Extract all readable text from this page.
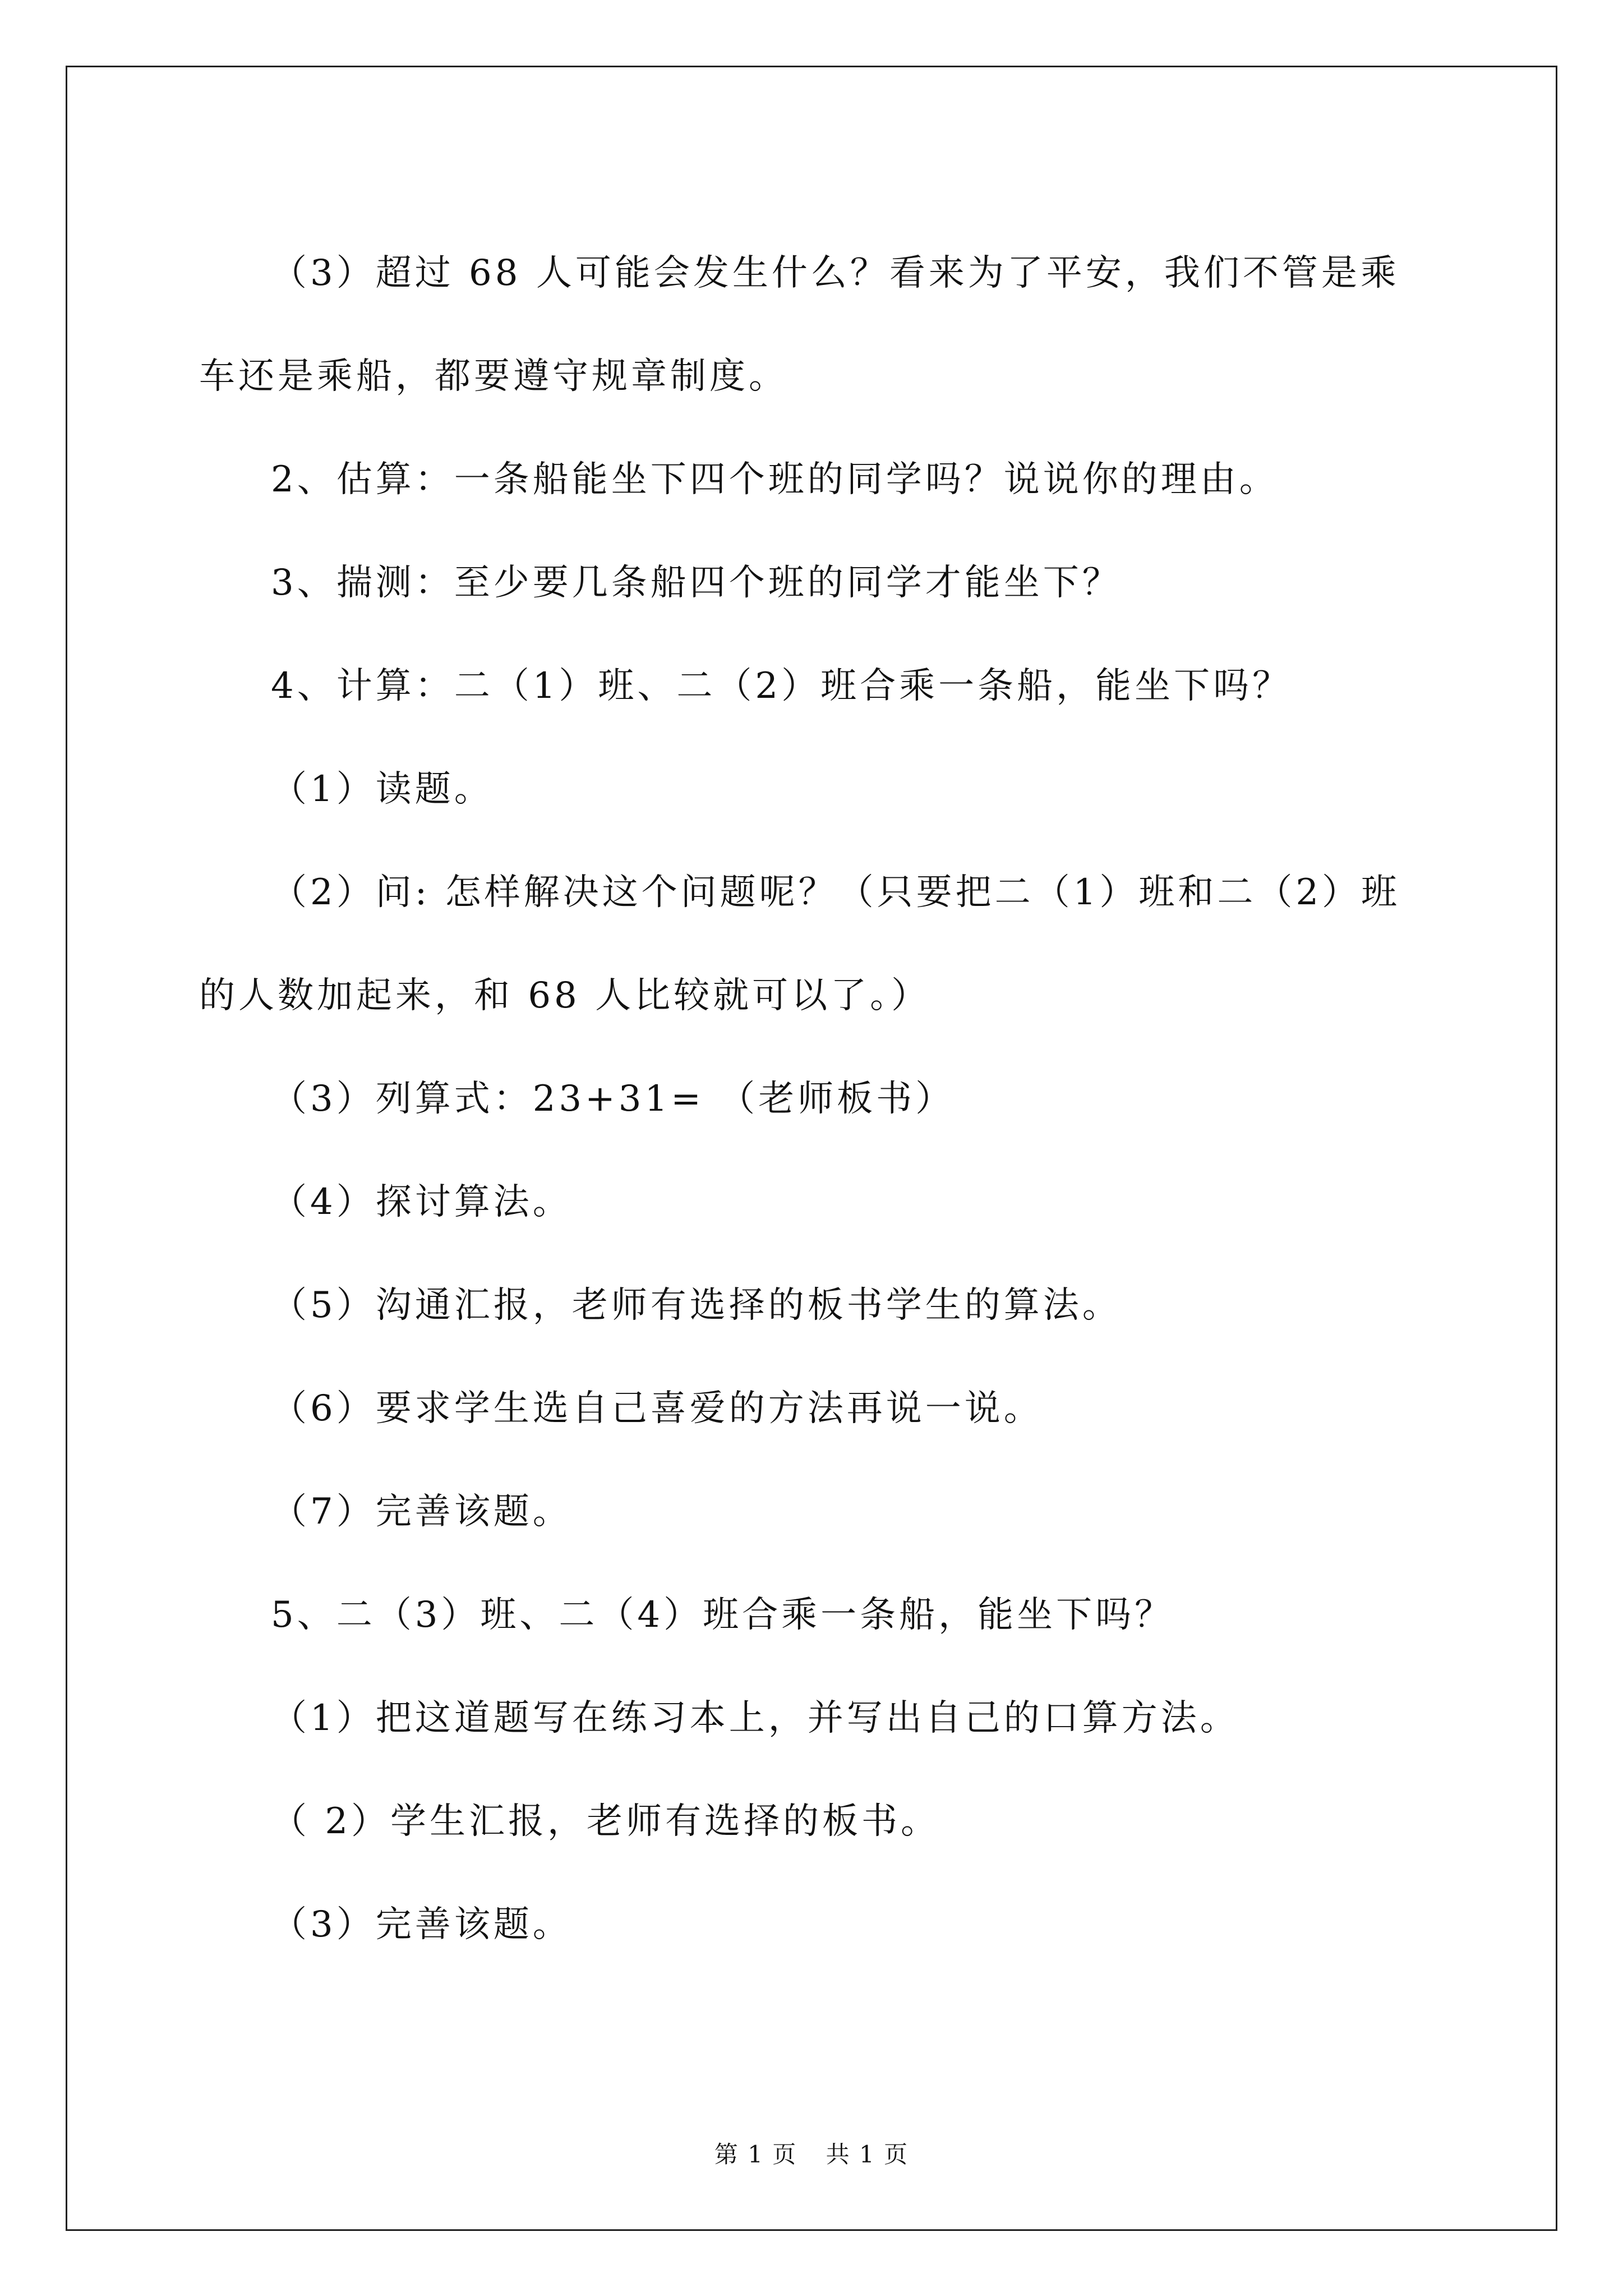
（3）超过 68 人可能会发生什么？看来为了平安，我们不管是乘

车还是乘船，都要遵守规章制度。

2、估算：一条船能坐下四个班的同学吗？说说你的理由。

3、揣测：至少要几条船四个班的同学才能坐下？

4、计算：二（1）班、二（2）班合乘一条船，能坐下吗？

（1）读题。

（2）问: 怎样解决这个问题呢？（只要把二（1）班和二（2）班

的人数加起来，和 68 人比较就可以了。）

（3）列算式：23+31= （老师板书）

（4）探讨算法。

（5）沟通汇报，老师有选择的板书学生的算法。

（6）要求学生选自己喜爱的方法再说一说。

（7）完善该题。

5、二（3）班、二（4）班合乘一条船，能坐下吗？

（1）把这道题写在练习本上，并写出自己的口算方法。

（ 2）学生汇报，老师有选择的板书。

（3）完善该题。

第 1 页 共 1 页
